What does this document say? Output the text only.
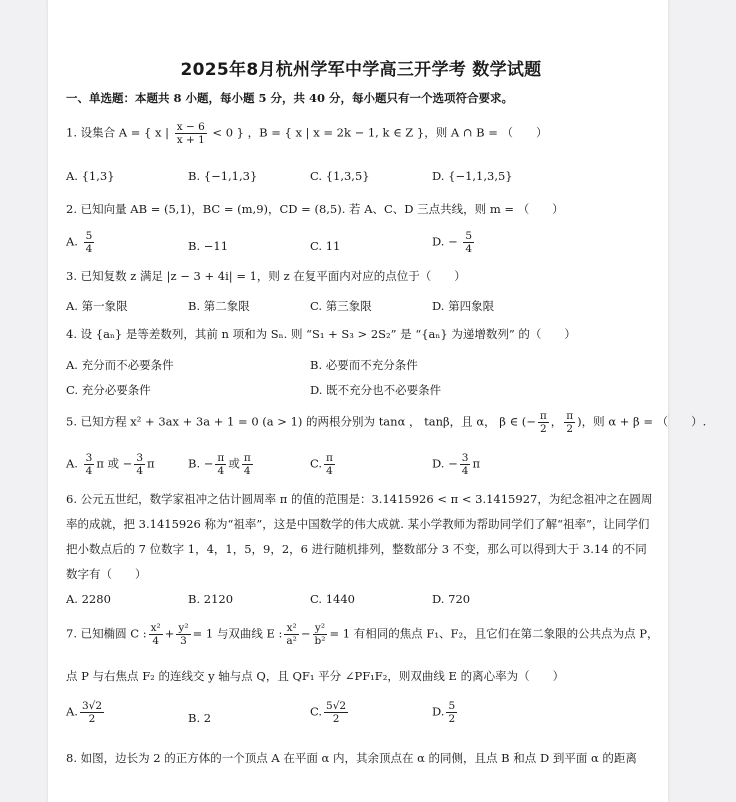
2025年8月杭州学军中学高三开学考 数学试题
一、单选题：本题共 8 小题，每小题 5 分，共 40 分，每小题只有一个选项符合要求。
1. 设集合 A = { x | $\frac{x - 6}{x + 1} < 0$ } ，B = { x | x = 2k − 1, k ∈ Z }，则 A ∩ B = （　　）
A. {1,3}	B. {−1,1,3}	C. {1,3,5}	D. {−1,1,3,5}
2. 已知向量 AB = (5,1)，BC = (m,9)，CD = (8,5). 若 A、C、D 三点共线，则 m = （　　）
A. $\frac{5}{4}$	B. −11	C. 11	D. − $\frac{5}{4}$
3. 已知复数 z 满足 |z − 3 + 4i| = 1，则 z 在复平面内对应的点位于（　　）
A. 第一象限	B. 第二象限	C. 第三象限	D. 第四象限
4. 设 {aₙ} 是等差数列，其前 n 项和为 Sₙ. 则 “S₁ + S₃ > 2S₂” 是 “{aₙ} 为递增数列” 的（　　）
A. 充分而不必要条件	B. 必要而不充分条件
C. 充分必要条件	D. 既不充分也不必要条件
5. 已知方程 x² + 3ax + 3a + 1 = 0 (a > 1) 的两根分别为 tanα ， tanβ，且 α， β ∈ (− $\frac{\pi}{2}$ ， $\frac{\pi}{2}$ )，则 α + β = （　　）.
A. $\frac{3}{4}$ π 或 − $\frac{3}{4}$ π	B. − $\frac{\pi}{4}$ 或 $\frac{\pi}{4}$	C. $\frac{\pi}{4}$	D. − $\frac{3}{4}$ π
6. 公元五世纪，数学家祖冲之估计圆周率 π 的值的范围是：3.1415926 < π < 3.1415927，为纪念祖冲之在圆周率的成就，把 3.1415926 称为“祖率”，这是中国数学的伟大成就. 某小学教师为帮助同学们了解“祖率”，让同学们把小数点后的 7 位数字 1，4，1，5，9，2，6 进行随机排列，整数部分 3 不变，那么可以得到大于 3.14 的不同数字有（　　）
A. 2280	B. 2120	C. 1440	D. 720
7. 已知椭圆 C : $\frac{\text{x²}}{4} + \frac{\text{y²}}{3} = 1$ 与双曲线 E : $\frac{\text{x²}}{\text{a²}} - \frac{\text{y²}}{\text{b²}} = 1$ 有相同的焦点 F₁、F₂，且它们在第二象限的公共点为点 P，
点 P 与右焦点 F₂ 的连线交 y 轴与点 Q，且 QF₁ 平分 ∠PF₁F₂，则双曲线 E 的离心率为（　　）
A. $\frac{3√2}{2}$	B. 2	C. $\frac{5√2}{2}$	D. $\frac{5}{2}$
8. 如图，边长为 2 的正方体的一个顶点 A 在平面 α 内，其余顶点在 α 的同侧，且点 B 和点 D 到平面 α 的距离
